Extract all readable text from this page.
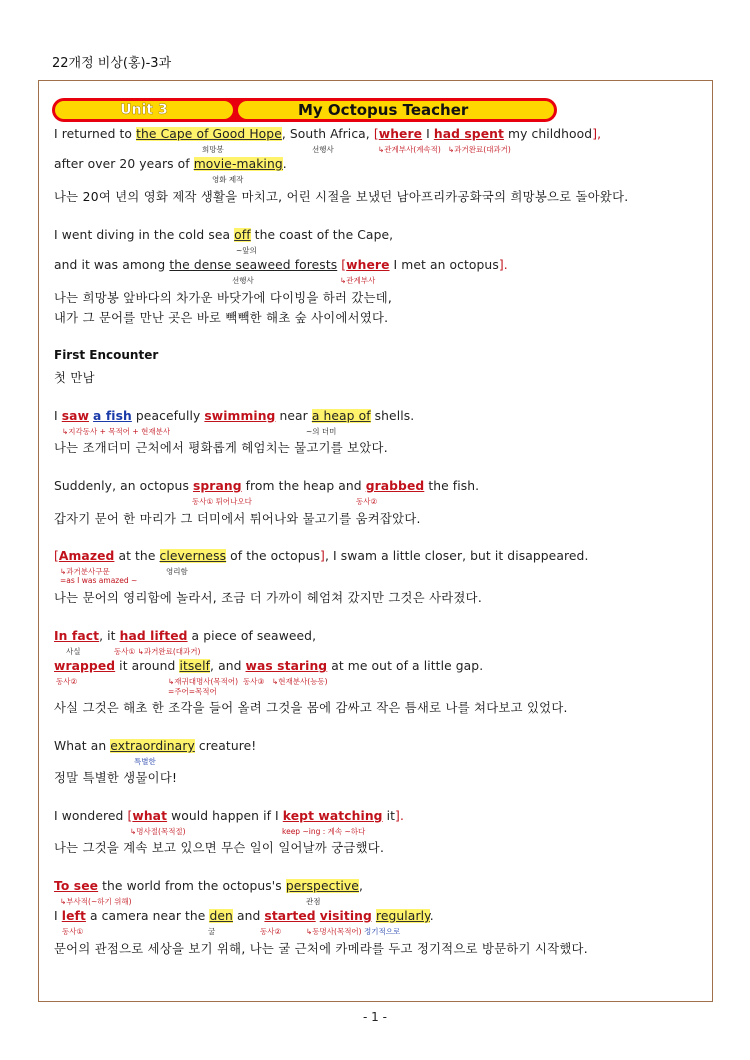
22개정 비상(홍)-3과
Unit 3	My Octopus Teacher
I returned to the Cape of Good Hope, South Africa, [where I had spent my childhood],
희망봉	선행사	↳관계부사(계속적) ↳과거완료(대과거)
after over 20 years of movie-making.
영화 제작
나는 20여 년의 영화 제작 생활을 마치고, 어린 시절을 보냈던 남아프리카공화국의 희망봉으로 돌아왔다.
I went diving in the cold sea off the coast of the Cape,
~앞의
and it was among the dense seaweed forests [where I met an octopus].
선행사	↳관계부사
나는 희망봉 앞바다의 차가운 바닷가에 다이빙을 하러 갔는데,
내가 그 문어를 만난 곳은 바로 빽빽한 해초 숲 사이에서였다.
First Encounter
첫 만남
I saw a fish peacefully swimming near a heap of shells.
↳지각동사 + 목적어 + 현재분사	~의 더미
나는 조개더미 근처에서 평화롭게 헤엄치는 물고기를 보았다.
Suddenly, an octopus sprang from the heap and grabbed the fish.
동사① 튀어나오다	동사②
갑자기 문어 한 마리가 그 더미에서 튀어나와 물고기를 움켜잡았다.
[Amazed at the cleverness of the octopus], I swam a little closer, but it disappeared.
↳과거분사구문	영리함
=as I was amazed ~
나는 문어의 영리함에 놀라서, 조금 더 가까이 헤엄쳐 갔지만 그것은 사라졌다.
In fact, it had lifted a piece of seaweed,
사실	동사① ↳과거완료(대과거)
wrapped it around itself, and was staring at me out of a little gap.
동사②	↳재귀대명사(목적어) 동사③ ↳현재분사(능동)
=주어=목적어
사실 그것은 해초 한 조각을 들어 올려 그것을 몸에 감싸고 작은 틈새로 나를 쳐다보고 있었다.
What an extraordinary creature!
특별한
정말 특별한 생물이다!
I wondered [what would happen if I kept watching it].
↳명사절(목적절)	keep ~ing : 계속 ~하다
나는 그것을 계속 보고 있으면 무슨 일이 일어날까 궁금했다.
To see the world from the octopus's perspective,
↳부사적(~하기 위해)	관점
I left a camera near the den and started visiting regularly.
동사①	굴	동사②	↳동명사(목적어) 정기적으로
문어의 관점으로 세상을 보기 위해, 나는 굴 근처에 카메라를 두고 정기적으로 방문하기 시작했다.
- 1 -
